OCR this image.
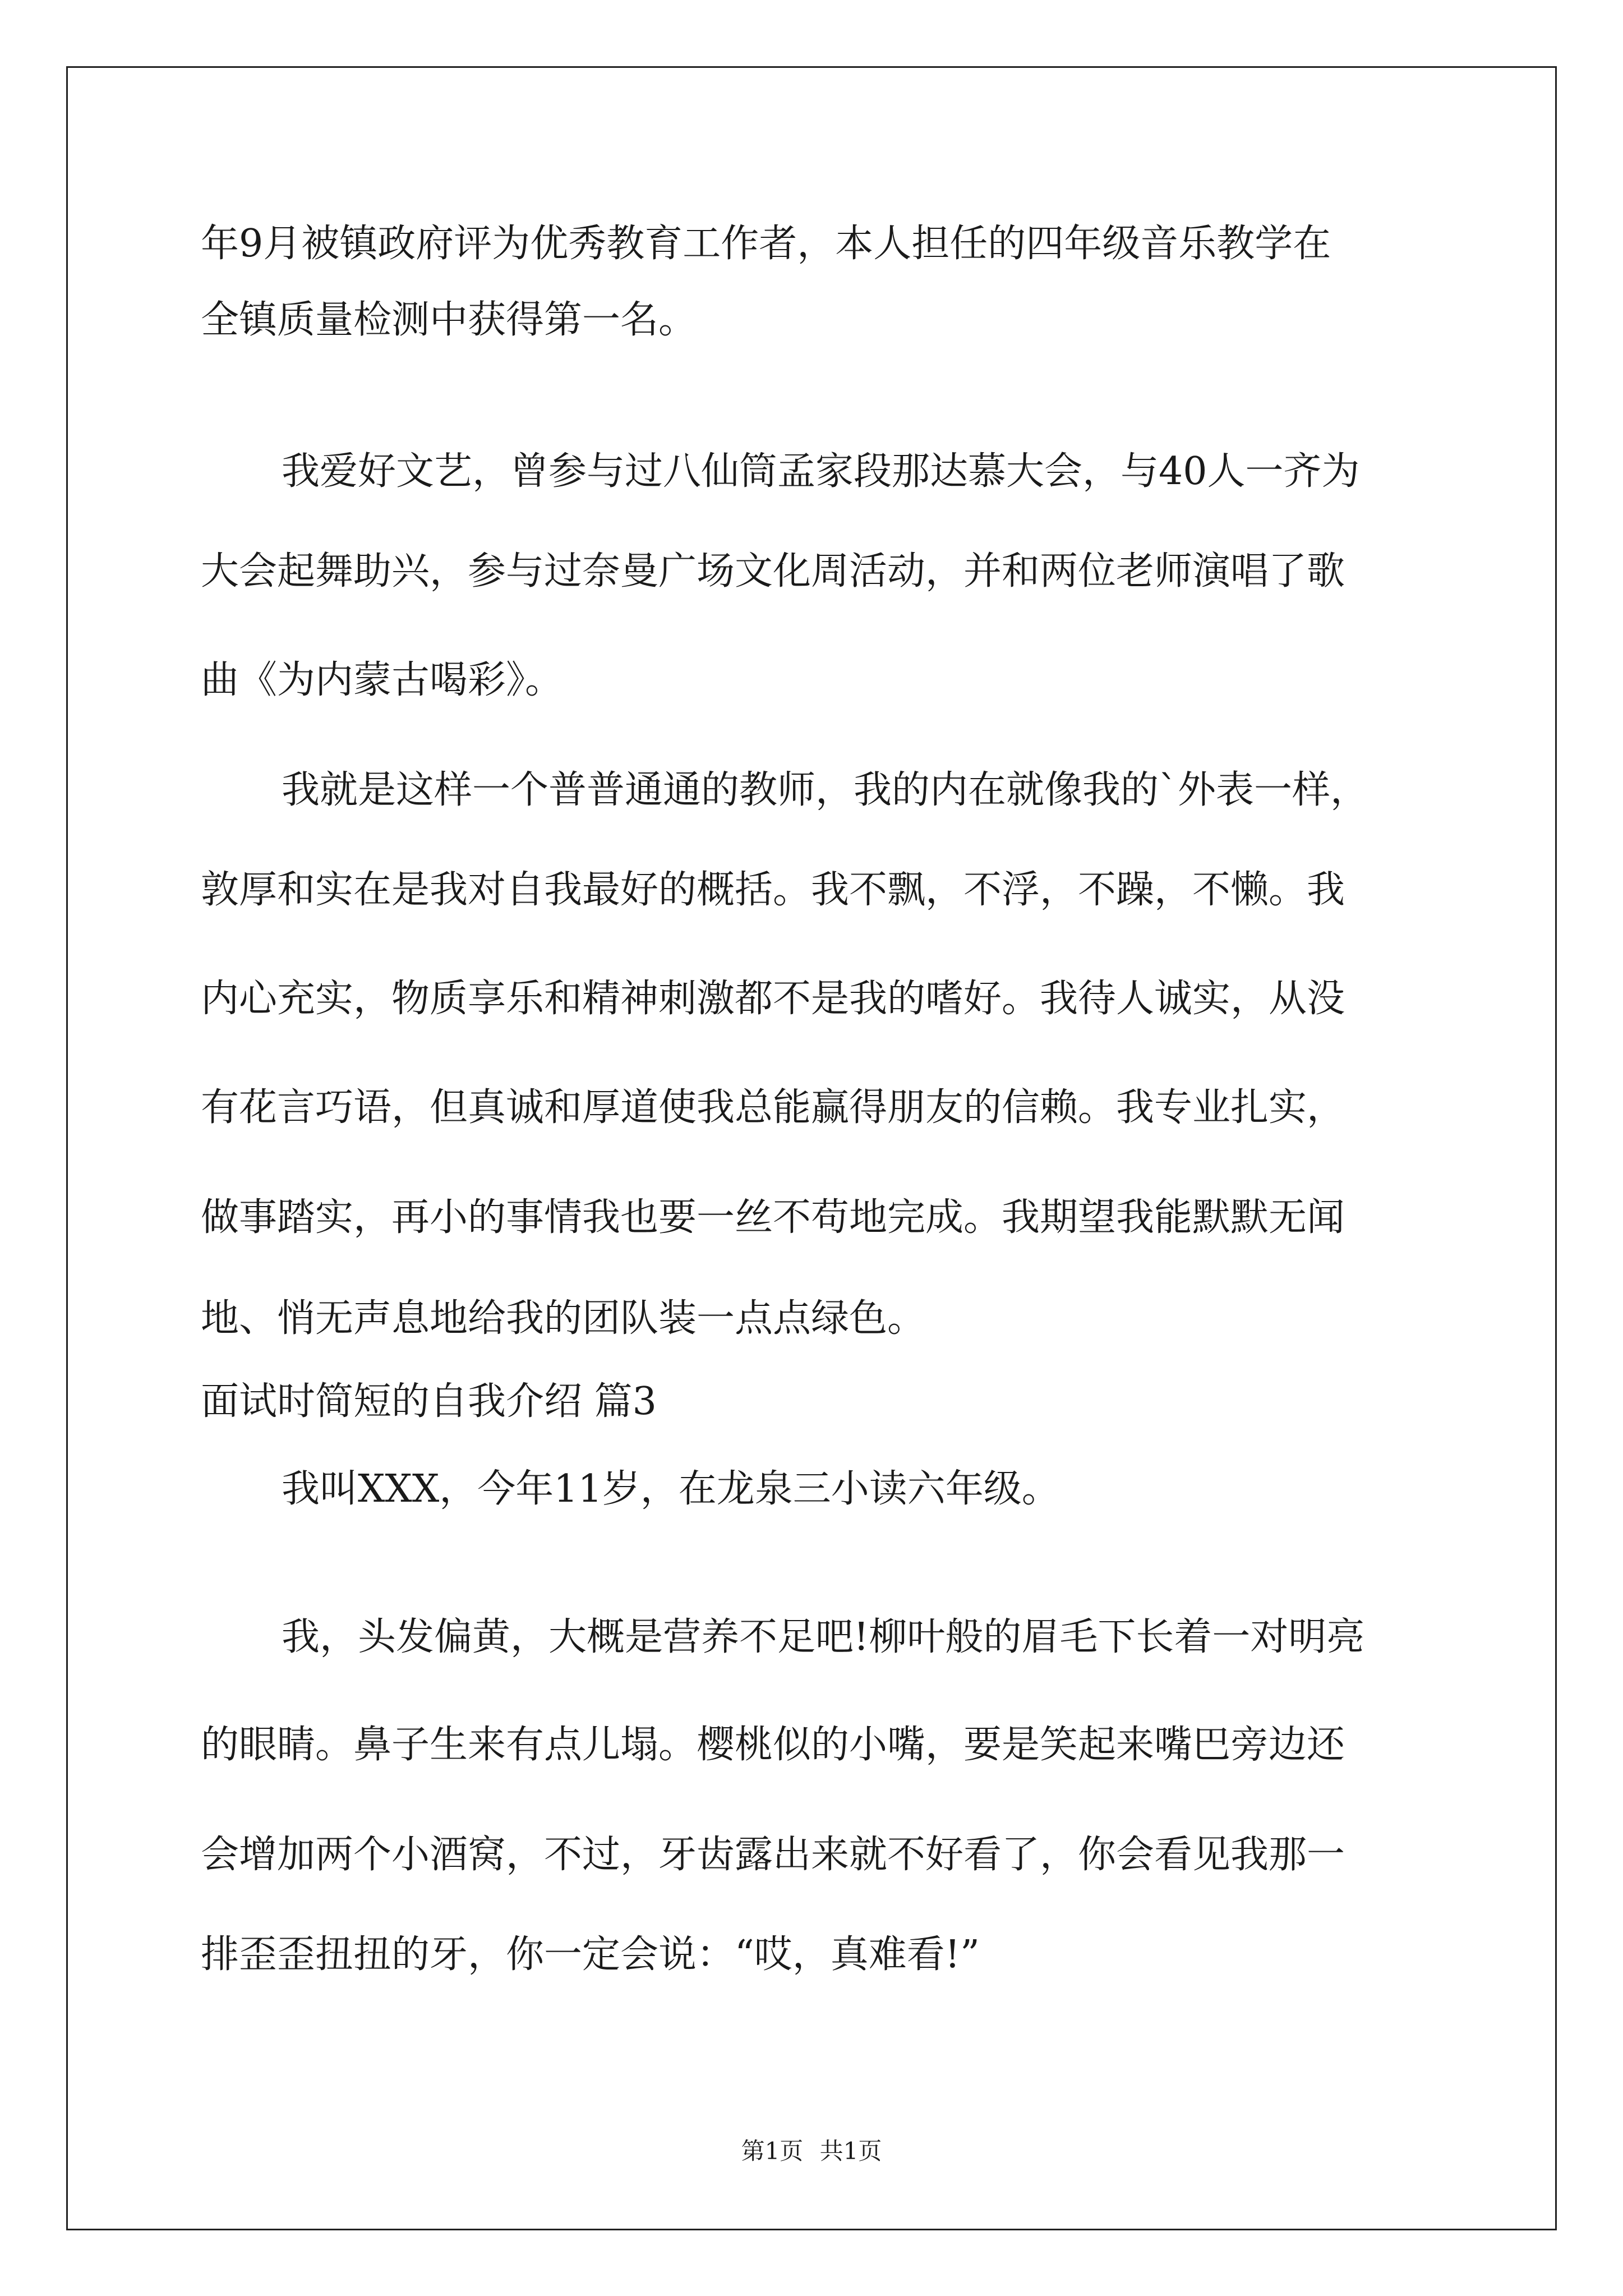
年9月被镇政府评为优秀教育工作者，本人担任的四年级音乐教学在
全镇质量检测中获得第一名。
我爱好文艺，曾参与过八仙筒孟家段那达慕大会，与40人一齐为
大会起舞助兴，参与过奈曼广场文化周活动，并和两位老师演唱了歌
曲《为内蒙古喝彩》。
我就是这样一个普普通通的教师，我的内在就像我的`外表一样，
敦厚和实在是我对自我最好的概括。我不飘，不浮，不躁，不懒。我
内心充实，物质享乐和精神刺激都不是我的嗜好。我待人诚实，从没
有花言巧语，但真诚和厚道使我总能赢得朋友的信赖。我专业扎实，
做事踏实，再小的事情我也要一丝不苟地完成。我期望我能默默无闻
地、悄无声息地给我的团队装一点点绿色。
面试时简短的自我介绍 篇3
我叫XXX，今年11岁，在龙泉三小读六年级。
我，头发偏黄，大概是营养不足吧!柳叶般的眉毛下长着一对明亮
的眼睛。鼻子生来有点儿塌。樱桃似的小嘴，要是笑起来嘴巴旁边还
会增加两个小酒窝，不过，牙齿露出来就不好看了，你会看见我那一
排歪歪扭扭的牙，你一定会说：“哎，真难看!”
第1页 共1页
